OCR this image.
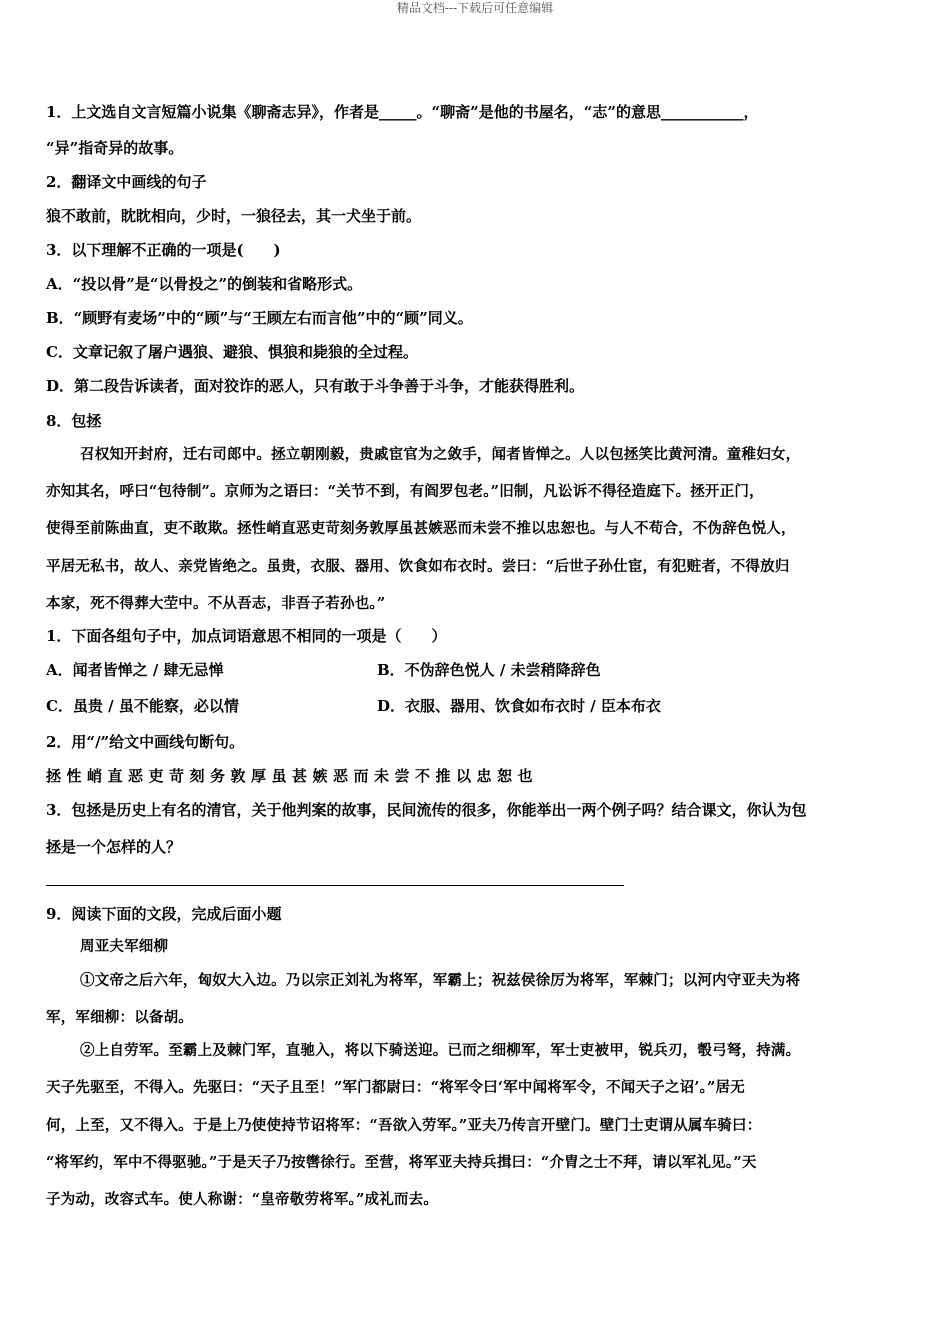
精品文档---下载后可任意编辑
1．上文选自文言短篇小说集《聊斋志异》，作者是_____。“聊斋”是他的书屋名，“志”的意思___________，
“异”指奇异的故事。
2．翻译文中画线的句子
狼不敢前，眈眈相向，少时，一狼径去，其一犬坐于前。
3．以下理解不正确的一项是(　　)
A．“投以骨”是“以骨投之”的倒装和省略形式。
B．“顾野有麦场”中的“顾”与“王顾左右而言他”中的“顾”同义。
C．文章记叙了屠户遇狼、避狼、惧狼和毙狼的全过程。
D．第二段告诉读者，面对狡诈的恶人，只有敢于斗争善于斗争，才能获得胜利。
8．包拯
召权知开封府，迁右司郎中。拯立朝刚毅，贵戚宦官为之敛手，闻者皆惮之。人以包拯笑比黄河清。童稚妇女，
亦知其名，呼曰“包待制”。京师为之语曰：“关节不到，有阎罗包老。”旧制，凡讼诉不得径造庭下。拯开正门，
使得至前陈曲直，吏不敢欺。拯性峭直恶吏苛刻务敦厚虽甚嫉恶而未尝不推以忠恕也。与人不苟合，不伪辞色悦人，
平居无私书，故人、亲党皆绝之。虽贵，衣服、器用、饮食如布衣时。尝曰：“后世子孙仕宦，有犯赃者，不得放归
本家，死不得葬大茔中。不从吾志，非吾子若孙也。”
1．下面各组句子中，加点词语意思不相同的一项是（　　）
A．闻者皆惮之 / 肆无忌惮	B．不伪辞色悦人 / 未尝稍降辞色
C．虽贵 / 虽不能察，必以情	D．衣服、器用、饮食如布衣时 / 臣本布衣
2．用“/”给文中画线句断句。
拯性峭直恶吏苛刻务敦厚虽甚嫉恶而未尝不推以忠恕也
3．包拯是历史上有名的清官，关于他判案的故事，民间流传的很多，你能举出一两个例子吗？结合课文，你认为包
拯是一个怎样的人？
9．阅读下面的文段，完成后面小题
周亚夫军细柳
①文帝之后六年，匈奴大入边。乃以宗正刘礼为将军，军霸上；祝兹侯徐厉为将军，军棘门；以河内守亚夫为将
军，军细柳：以备胡。
②上自劳军。至霸上及棘门军，直驰入，将以下骑送迎。已而之细柳军，军士吏被甲，锐兵刃，彀弓弩，持满。
天子先驱至，不得入。先驱曰：“天子且至！”军门都尉曰：“将军令曰‘军中闻将军令，不闻天子之诏’。”居无
何，上至，又不得入。于是上乃使使持节诏将军：“吾欲入劳军。”亚夫乃传言开壁门。壁门士吏谓从属车骑曰：
“将军约，军中不得驱驰。”于是天子乃按辔徐行。至营，将军亚夫持兵揖曰：“介胄之士不拜，请以军礼见。”天
子为动，改容式车。使人称谢：“皇帝敬劳将军。”成礼而去。
